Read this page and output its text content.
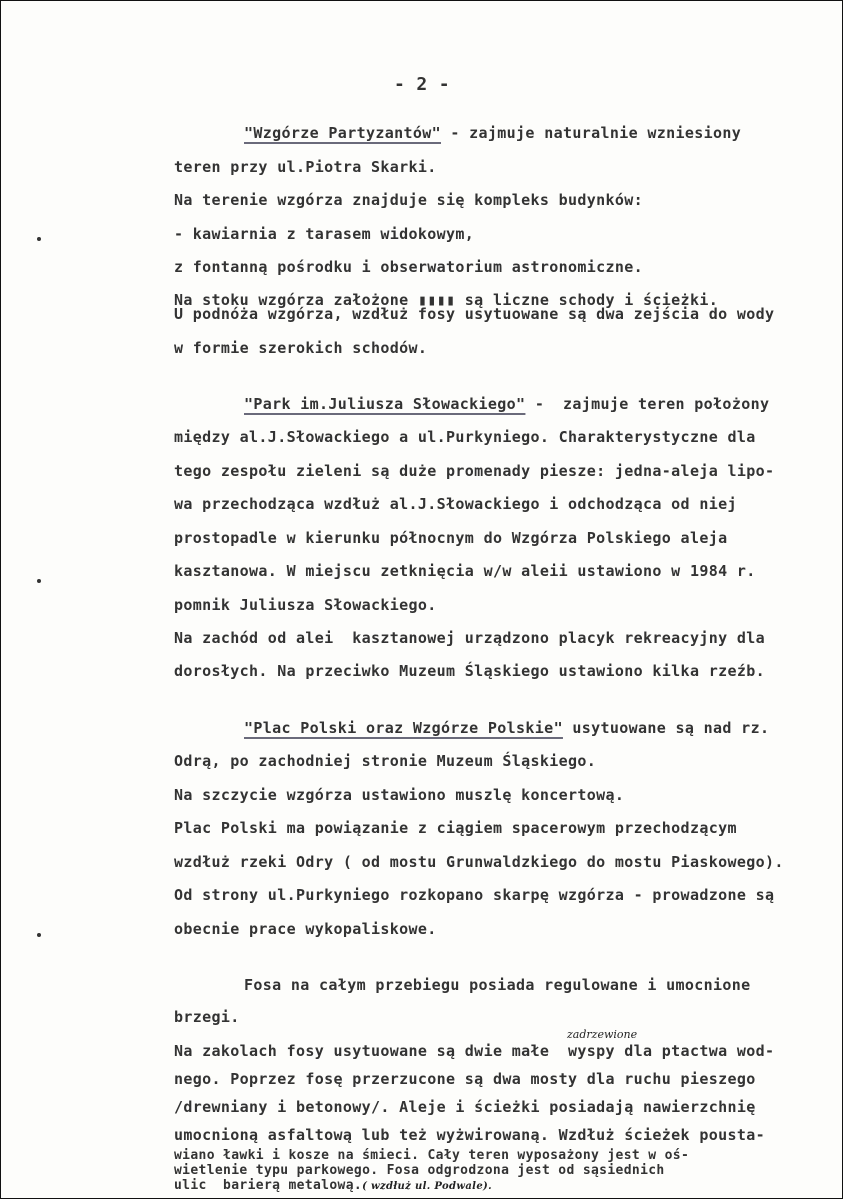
- 2 -
"Wzgórze Partyzantów" - zajmuje naturalnie wzniesiony
teren przy ul.Piotra Skarki.
Na terenie wzgórza znajduje się kompleks budynków:
- kawiarnia z tarasem widokowym,
z fontanną pośrodku i obserwatorium astronomiczne.
Na stoku wzgórza założone ▮▮▮▮ są liczne schody i ścieżki.
U podnóża wzgórza, wzdłuż fosy usytuowane są dwa zejścia do wody
w formie szerokich schodów.
"Park im.Juliusza Słowackiego" -  zajmuje teren położony
między al.J.Słowackiego a ul.Purkyniego. Charakterystyczne dla
tego zespołu zieleni są duże promenady piesze: jedna-aleja lipo-
wa przechodząca wzdłuż al.J.Słowackiego i odchodząca od niej
prostopadle w kierunku północnym do Wzgórza Polskiego aleja
kasztanowa. W miejscu zetknięcia w/w aleii ustawiono w 1984 r.
pomnik Juliusza Słowackiego.
Na zachód od alei  kasztanowej urządzono placyk rekreacyjny dla
dorosłych. Na przeciwko Muzeum Śląskiego ustawiono kilka rzeźb.
"Plac Polski oraz Wzgórze Polskie" usytuowane są nad rz.
Odrą, po zachodniej stronie Muzeum Śląskiego.
Na szczycie wzgórza ustawiono muszlę koncertową.
Plac Polski ma powiązanie z ciągiem spacerowym przechodzącym
wzdłuż rzeki Odry ( od mostu Grunwaldzkiego do mostu Piaskowego).
Od strony ul.Purkyniego rozkopano skarpę wzgórza - prowadzone są
obecnie prace wykopaliskowe.
Fosa na całym przebiegu posiada regulowane i umocnione
brzegi.
zadrzewione
Na zakolach fosy usytuowane są dwie małe  wyspy dla ptactwa wod-
nego. Poprzez fosę przerzucone są dwa mosty dla ruchu pieszego
/drewniany i betonowy/. Aleje i ścieżki posiadają nawierzchnię
umocnioną asfaltową lub też wyżwirowaną. Wzdłuż ścieżek pousta-
wiano ławki i kosze na śmieci. Cały teren wyposażony jest w oś-
wietlenie typu parkowego. Fosa odgrodzona jest od sąsiednich
ulic  barierą metalową.( wzdłuż ul. Podwale).
